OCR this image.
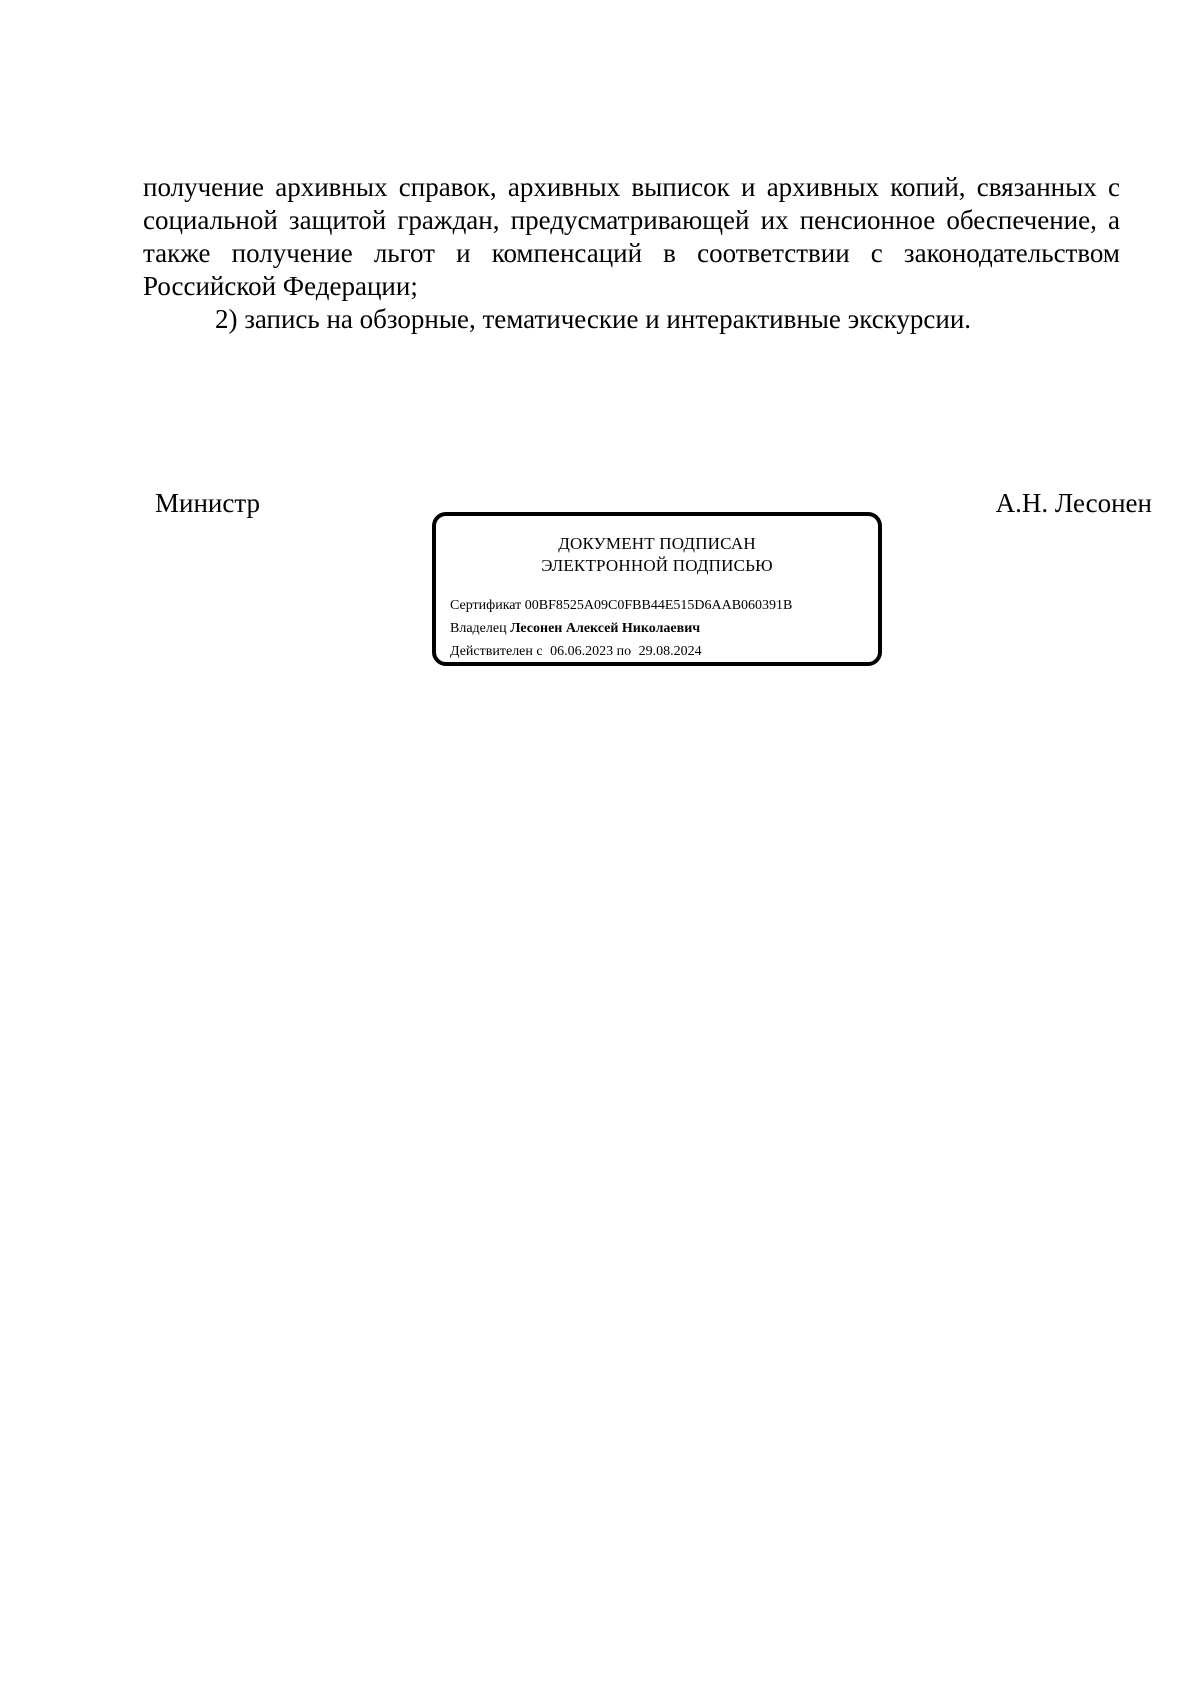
получение архивных справок, архивных выписок и архивных копий, связанных с социальной защитой граждан, предусматривающей их пенсионное обеспечение, а также получение льгот и компенсаций в соответствии с законодательством Российской Федерации;

2) запись на обзорные, тематические и интерактивные экскурсии.

Министр	А.Н. Лесонен
ДОКУМЕНТ ПОДПИСАН
ЭЛЕКТРОННОЙ ПОДПИСЬЮ
Сертификат 00BF8525A09C0FBB44E515D6AAB060391B
Владелец Лесонен Алексей Николаевич
Действителен с 06.06.2023 по 29.08.2024
